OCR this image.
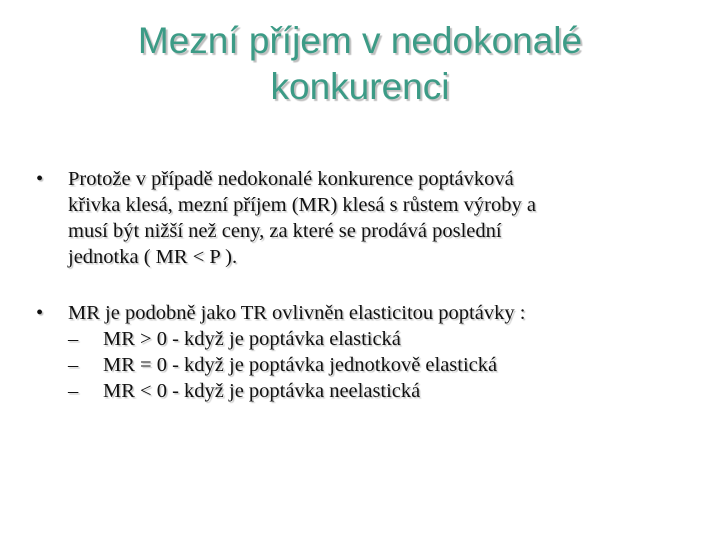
Mezní příjem v nedokonalé
konkurenci
•	Protože v případě nedokonalé konkurence poptávková
křivka klesá, mezní příjem (MR) klesá s růstem výroby a
musí být nižší než ceny, za které se prodává poslední
jednotka ( MR < P ).
•	MR je podobně jako TR ovlivněn elasticitou poptávky :
– MR > 0 - když je poptávka elastická
– MR = 0 - když je poptávka jednotkově elastická
– MR < 0 - když je poptávka neelastická
